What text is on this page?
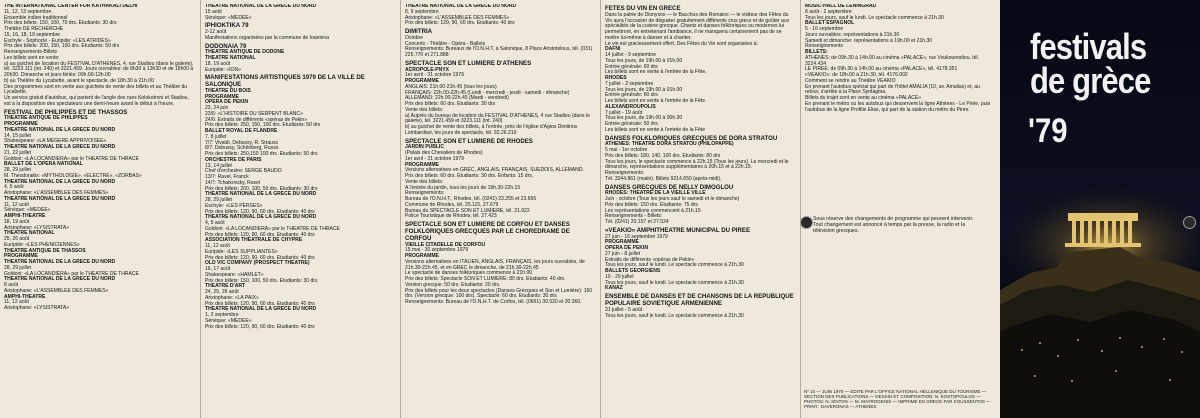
THE INTERNATIONAL CENTER FOR KATHAKALI DELHI
11, 12, 13 septembre
Ensemble indien traditionnel
Prix des billets: 150, 100, 70 drs. Etudiants: 30 drs
Théâtre DE RECHERCHE
15, 16, 18, 19 septembre
Eschyle - Sophocle - Euripide: «LES ATRIDES»
Prix des billets: 200, 150, 100 drs. Etudiants: 50 drs
Renseignements-Billets
Les billets sont en vente:
a) au guichet de location du FESTIVAL D'ATHENES, 4, rue Stadiou (dans le galerie), tél. 3223.111 (int. 240) et 3221.459. Jours ouvrables: de 8h30 à 13h30 et de 18h00 à 20h30. Dimanche et jours fériés: 09h.00-12h.00
b) au Théâtre du Lycabette, avant le spectacle, de 18h.30 à 21h.00
Des programmes sont en vente aux guichets de vente des billets et au Théâtre du Lycabette.
Un service gratuit d'autobus, qui partent de l'angle des rues Kolokotroni et Stadiou, est à la disposition des spectateurs une demi-heure avant le début à l'heure.
FESTIVAL DE PHILIPPES ET DE THASSOS
THEATRE ANTIQUE DE PHILIPPES
PROGRAMME
THEATRE NATIONAL DE LA GRECE DU NORD
14, 15 juillet
Shakespeare: «LA MEGERE APPRIVOISEE»
THEATRE NATIONAL DE LA GRECE DU NORD
21, 22 juillet
Goldoni: «LA LOCANDIERA» par le THEATRE DE THRACE
BALLET DE L'OPERA NATIONAL
28, 29 juillet
M. Theodorakis: «MYTHOLOGIE», «ELECTRE», «ZORBAS»
THEATRE NATIONAL DE LA GRECE DU NORD
4, 5 août
Aristophane: «L'ASSEMBLEE DES FEMMES»
THEATRE NATIONAL DE LA GRECE DU NORD
11, 12 août
Sénèque: «MEDEE»
AMPHI-THEATRE
18, 19 août
Aristophane: «LYSISTRATA»
THEATRE NATIONAL
25, 26 août
Euripide: «LES PHENICIENNES»
THEATRE ANTIQUE DE THASSOS
PROGRAMME
THEATRE NATIONAL DE LA GRECE DU NORD
28, 29 juillet
Goldoni: «LA LOCANDIERA» par le THEATRE DE THRACE
THEATRE NATIONAL DE LA GRECE DU NORD
8 août
Aristophane: «L'ASSEMBLEE DES FEMMES»
AMPHI-THEATRE
11, 12 août
Aristophane: «LYSISTRATA»
THEATRE NATIONAL DE LA GRECE DU NORD
15 août
Sénèque: «MEDEE»
IPHIOKTIKA 79
2-12 août
Manifestations organisées par la commune de Ioannina
DODONAIA 79
THEATRE ANTIQUE DE DODONE
THEATRE NATIONAL
18, 19 août
Euripide: «ION»
MANIFESTATIONS ARTISTIQUES 1979 DE LA VILLE DE SALONIQUE
THEATRE DU BOIS
PROGRAMME
OPERA DE PEKIN
23, 24 juin
23/6: «L'HISTOIRE DU SERPENT BLANC»
24/6: Extraits de différents «opéras de Pekin»
Prix des billets: 250, 150, 100 drs. Etudiants: 50 drs
BALLET ROYAL DE FLANDRE
7, 8 juillet
7/7: Vivaldi, Debussy, R. Strauss
8/7: Debussy, Schönberg, Russo
Prix des billets: 250,150 100 drs. Etudiants: 50 drs
ORCHESTRE DE PARIS
13, 14 juillet
Chef d'orchestre: SERGE BAUDO
13/7: Ravel, Franck
14/7: Tchaikovsky, Ravel
Prix des billets: 200, 100, 50 drs. Etudiants: 30 drs
THEATRE NATIONAL DE LA GRECE DU NORD
28, 29 juillet
Eschyle: «LES PERSES»
Prix des billets: 120, 90, 60 drs. Etudiants: 40 drs
THEATRE NATIONAL DE LA GRECE DU NORD
4, 5 août
Goldoni: «LA LOCANDIERA» par le THEATRE DE THRACE
Prix des billets: 120, 90, 60 drs. Etudiants: 40 drs
ASSOCIATION THEATRALE DE CHYPRE
11, 12 août
Euripide: «LES SUPPLIANTES»
Prix des billets: 120, 90, 60 drs. Etudiants: 40 drs
OLD VIC COMPANY (PROSPECT THEATRE)
16, 17 août
Shakespeare: «HAMLET»
Prix des billets: 150, 100, 50 drs. Etudiants: 30 drs
THEATRE D'ART
24, 25, 26 août
Aristophane: «LA PAIX»
Prix des billets: 120, 90, 60 drs. Etudiants: 40 drs
THEATRE NATIONAL DE LA GRECE DU NORD
1, 2 septembre
Sénèque: «MEDEE»
Prix des billets: 120, 90, 60 drs. Etudiants: 40 drs
THEATRE NATIONAL DE LA GRECE DU NORD
8, 9 septembre
Aristophane: «L'ASSEMBLEE DES FEMMES»
Prix des billets: 120, 90, 60 drs. Etudiants: 40 drs
DIMITRIA
Octobre
Concerts - Théâtre - Opéra - Ballets
Renseignements: Bureaux de l'O.N.H.T. à Salonique, 8 Place Aristotelous, tél. (031) 225.770 et 271.888
SPECTACLE SON ET LUMIERE D'ATHENES
ACROPOLE-PNYX
1er avril - 31 octobre 1979
PROGRAMME
ANGLAIS: 21h.00-21h.45 (tous les jours)
FRANÇAIS: 22h.00-22h.45 (Lundi - mercredi - jeudi - samedi - dimanche)
ALLEMAND: 22h.00-22h.45 (Mardi - vendredi)
Prix des billets: 60 drs. Etudiants: 30 drs
Vente des billets:
a) Auprès du bureau de location du FESTIVAL D'ATHENES, 4 rue Stadiou (dans le galerie), tél. 3221.459 et 3223.111 (int. 240)
b) au guichet de vente des billets, à l'entrée, près de l'église d'Agios Dimitrios Lombardiari, les jours de spectacle, tél. 92.26.210
SPECTACLE SON ET LUMIERE DE RHODES
JARDIN PUBLIC
(Palais des Chevaliers de Rhodes)
1er avril - 31 octobre 1979
PROGRAMME
Versions alternatives en GREC, ANGLAIS, FRANÇAIS, SUEDOIS, ALLEMAND.
Prix des billets: 60 drs. Etudiants: 30 drs. Enfants: 15 drs.
Vente des billets:
A l'entrée du jardin, tous les jours de 19h.30-22h.15
Renseignements:
Bureau de l'O.N.H.T., Rhodes, tél. (0241) 23.255 et 23.655
Commune de Rhodes, tél. 25.115, 27.679
Bureau du SPECTACLE SON ET LUMIERE, tél. 21.922
Police Touristique de Rhodes, tél. 27.423
SPECTACLE SON ET LUMIERE DE CORFOU ET DANSES FOLKLORIQUES GRECQUES PAR LE CHOREDRAME DE CORFOU
VIEILLE CITADELLE DE CORFOU
15 mai - 30 septembre 1979
PROGRAMME
Versions alternatives en ITALIEN, ANGLAIS, FRANÇAIS, les jours ouvrables, de 21h.30-22h.45, et en GREC le dimanche, de 21h.30-22h.45
Le spectacle de danses folkloriques commence à 21h.00
Prix des billets: Spectacle SON ET LUMIERE: 80 drs. Etudiants: 40 drs.
Version grecque: 50 drs. Etudiants: 20 drs.
Prix des billets pour les deux spectacles (Danses Grecques et Son et Lumière): 160 drs. (Version grecque: 100 drs). Spectacle: 60 drs. Etudiants: 30 drs
Renseignements: Bureau de l'O.N.H.T. de Corfou, tél. (0661) 30.520 et 30.360.
FETES DU VIN EN GRECE
Dans la patrie de Dionysos — le Bacchus des Romains — le visiteur des Fêtes du Vin aura l'occasion de déguster gratuitement différents crus grecs et de goûter aux spécialités de la cuisine grecque. Chants et danses folkloriques ou modernes lui permettront, en entretenant l'ambiance, il ne manquera certainement pas de se mettre lui-même à danser et à chanter.
Le vin est gracieusement offert. Des Fêtes du Vin sont organisées à:
DAFNI
14 juillet - 9 septembre
Tous les jours, de 19h.00 à 01h.00
Entrée générale: 60 drs
Les billets sont en vente à l'entrée de la Fête.
RHODES
7 juillet - 2 septembre
Tous les jours, de 19h.00 à 01h.00
Entrée générale: 60 drs
Les billets sont en vente à l'entrée de la Fête
ALEXANDROUPOLIS
7 juillet - 19 août
Tous les jours, de 19h.00 à 00h.30
Entrée générale: 50 drs
Les billets sont en vente à l'entrée de la Fête
DANSES FOLKLORIQUES GRECQUES DE DORA STRATOU
ATHENES: THEATRE DORA STRATOU (PHILOPAPPE)
5 mai - 1er octobre
Prix des billets: 180, 140, 100 drs. Etudiants: 80 drs
Tous les jours, le spectacle commence à 22h.15 (Tous les jours). Le mercredi et le dimanche, représentations supplémentaires à 20h.15 et à 22h.15.
Renseignements:
Tél. 3244.861 (matin). Billets 9214.650 (après-midi).
DANSES GRECQUES DE NELLY DIMOGLOU
RHODES: THEATRE DE LA VIEILLE VILLE
Juin - octobre (Tous les jours sauf le samedi et le dimanche)
Prix des billets: 150 drs. Etudiants: 75 drs
Les représentations commencent à 21h.15
Renseignements - Billets:
Tél. (0241) 20.157 et 27.524
«VEAKIO» AMPHITHEATRE MUNICIPAL DU PIREE
27 juin - 16 septembre 1979
PROGRAMME
OPERA DE PEKIN
27 juin - 8 juillet
Extraits de différents «opéras de Pekin»
Tous les jours, sauf le lundi. Le spectacle commence à 21h.30
BALLETS GEORGIENS
10 - 29 juillet
Tous les jours, sauf le lundi. Le spectacle commence à 21h.30
KANAZ
ENSEMBLE DE DANSES ET DE CHANSONS DE LA REPUBLIQUE POPULAIRE SOVIETIQUE ARMENIENNE
31 juillet - 5 août
Tous les jours, sauf le lundi. Le spectacle commence à 21h.30
MUSIC-HALL DE LENINGRAD
8 août - 2 septembre
Tous les jours, sauf le lundi. Le spectacle commence à 21h.30
BALLET ESPAGNOL
5 - 16 septembre
Jours ouvrables: représentations à 21h.30
Samedi et dimanche: représentations à 19h.00 et 21h.30
Renseignements
BILLETS:
ATHENES: de 09h.30 à 14h.00 au cinéma «PALACE», rue Voukourestiou, tél. 3224.434
LE PIREE: de 09h.30 à 14h.00 au cinéma «PALACE», tél. 4178.351
«VEAKIO»: de 18h.00 à 21h.30, tél. 4176.002
Comment se rendre au Théâtre VEAKIO
En prenant l'autobus spécial qui part de l'hôtel AMALIA (10, av. Amalias) et, au retour, s'arrête à la Place Syntagma.
Billets du trajet sont en vente au cinéma «PALACE»
En prenant le métro ou les autobus qui desservent la ligne Athènes - Le Pirée, puis l'autobus de la ligne Profitis Elias, qui part de la station du métro du Pirée.
Sous réserve des changements de programme qui peuvent intervenir. Tout changement est annoncé à temps par la presse, la radio et la télévision grecques.
Nº 10 — JUIN 1979 — EDITE PAR L'OFFICE NATIONAL HELLENIQUE DU TOURISME — SECTION DES PUBLICATIONS — DESSIN ET COMPOSITION: N. KOSTOPOULOS — PHOTOS: N. SINTOS — M. MAYROGENIS — IMPRIME EN GRECE PAR KOUSSENTOS — PRINT.: DAVERONAS — ATHENES
festivals
de grèce
'79
